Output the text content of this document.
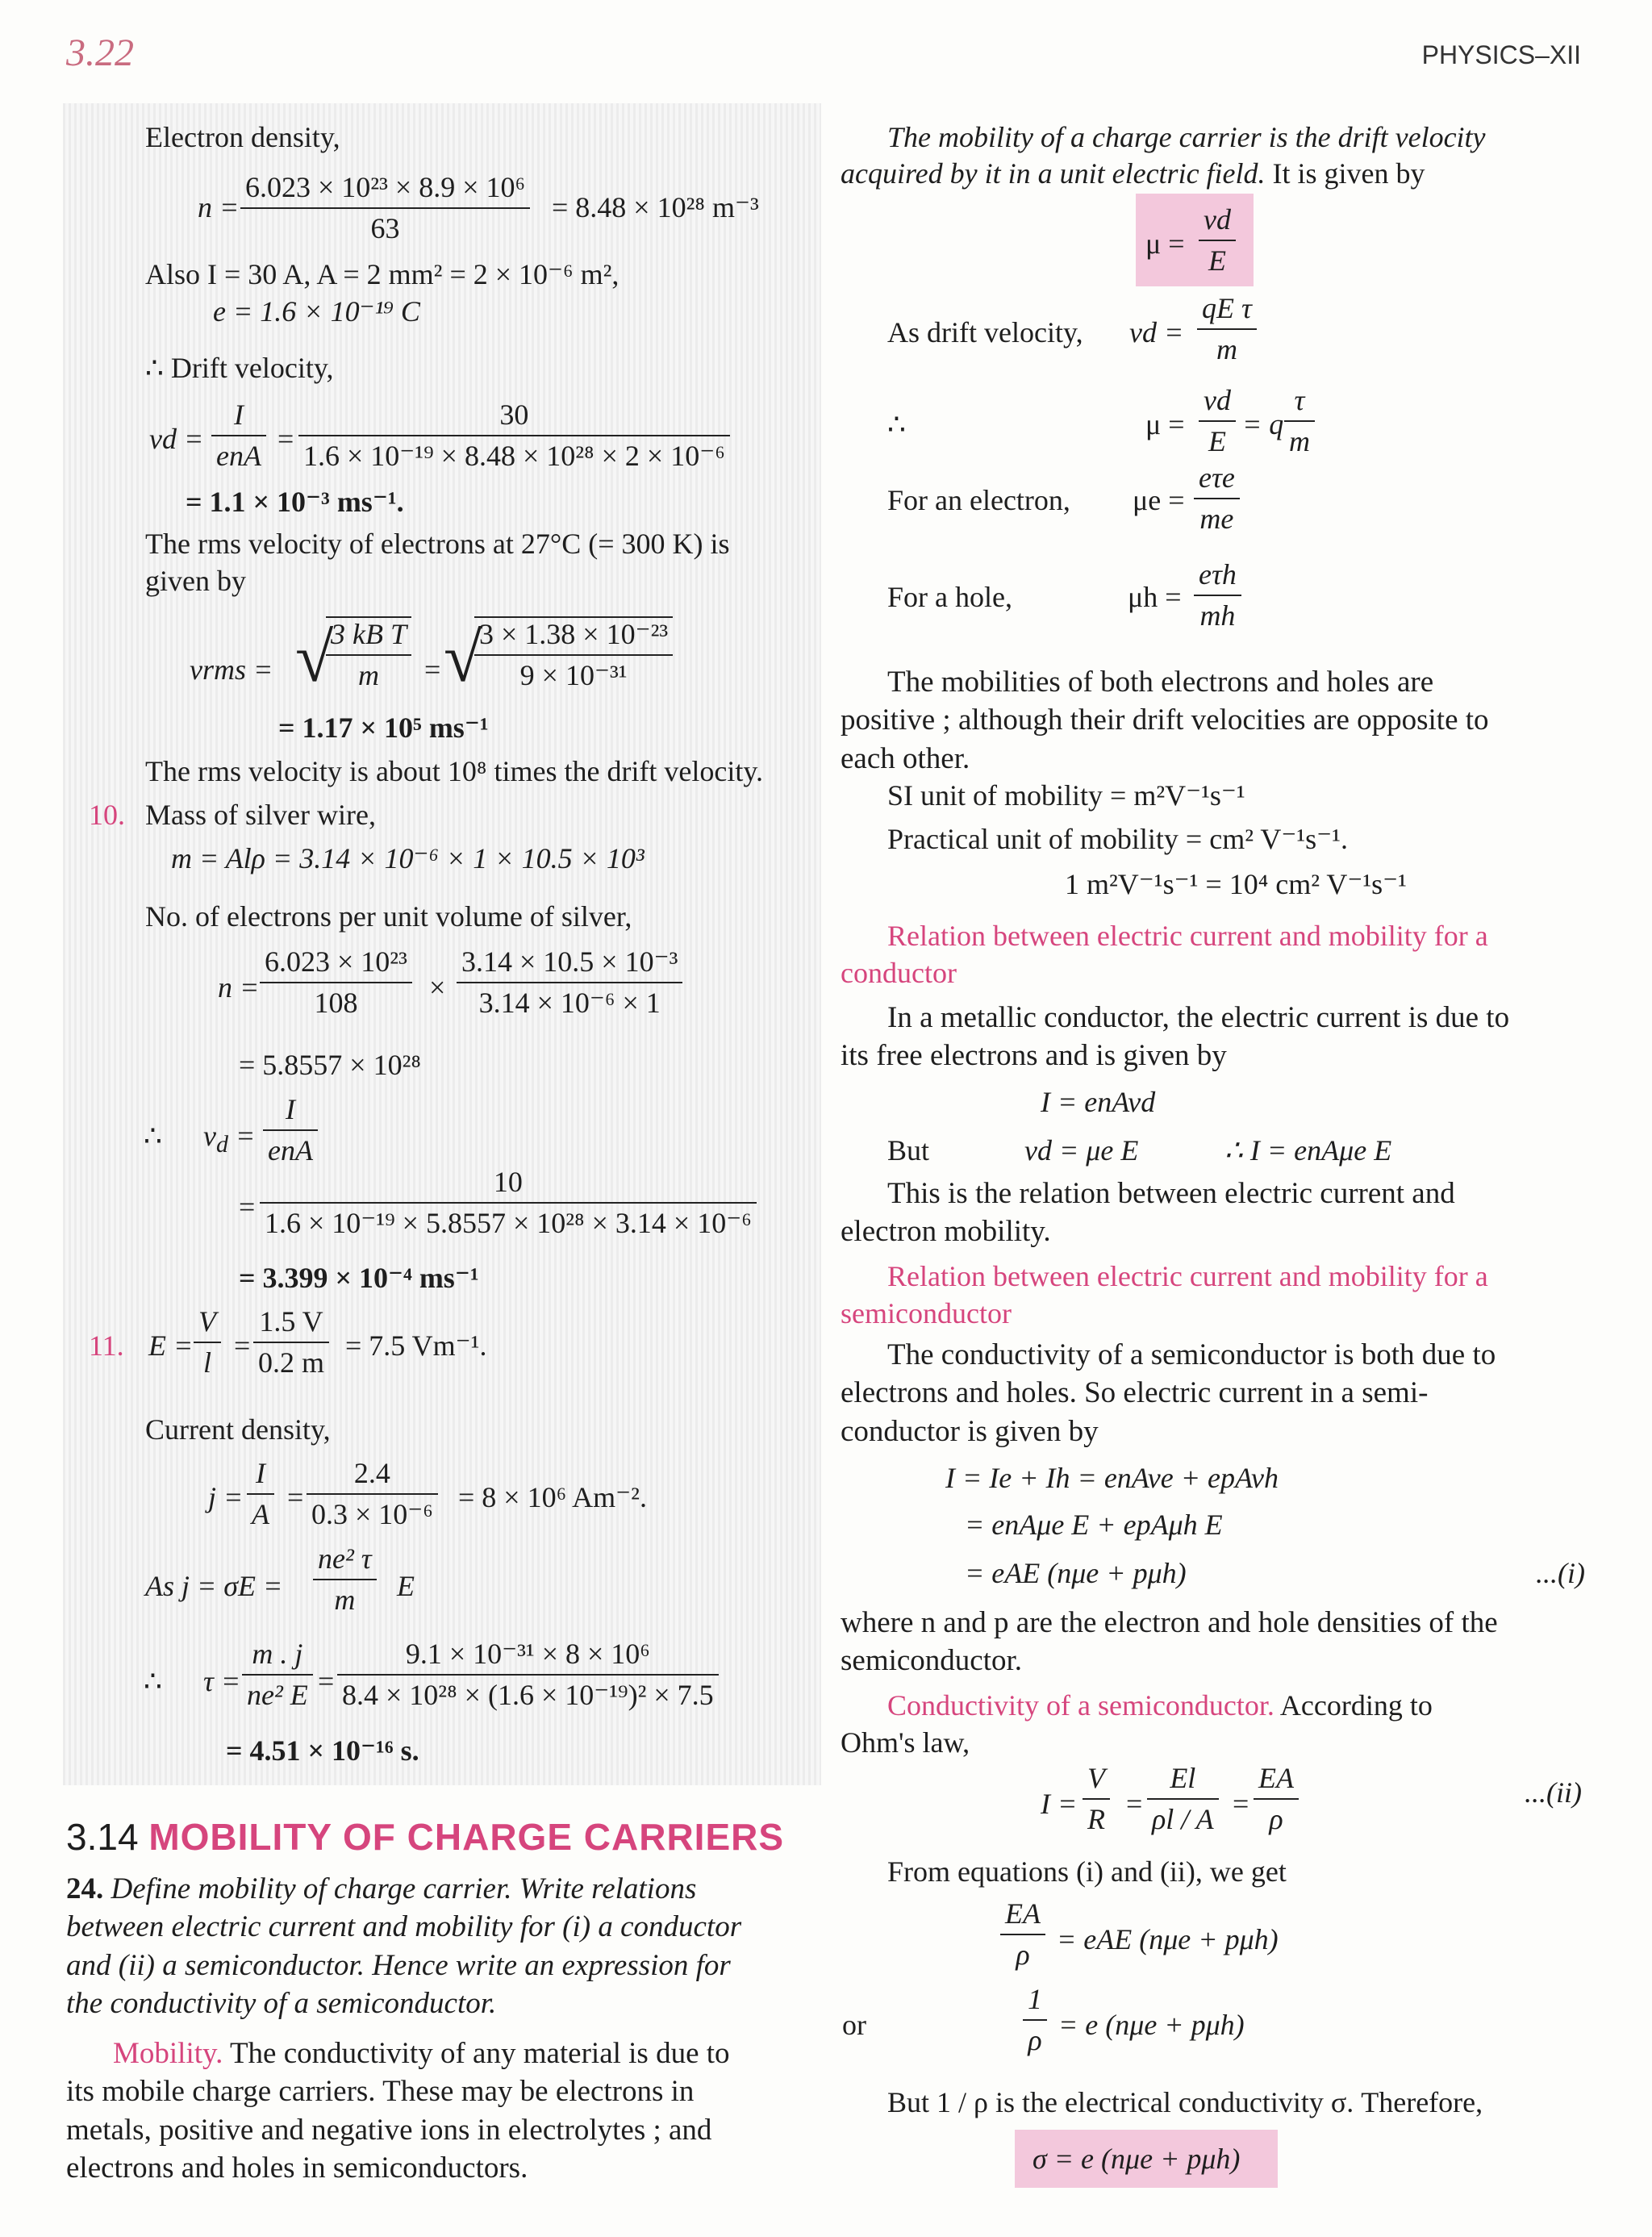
3.22	PHYSICS–XII
Electron density,
$n = \frac{\text{6.023 × 10²³ × 8.9 × 10⁶}}{63} = 8.48 \times 10^{28}$ m⁻³
Also I = 30 A, A = 2 mm² = 2 × 10⁻⁶ m²,
e = 1.6 × 10⁻¹⁹ C
∴ Drift velocity,
vd = $\frac{I}{\text{enA}} = \frac{30}{\text{1.6 × 10⁻¹⁹ × 8.48 × 10²⁸ × 2 × 10⁻⁶}}$
= 1.1 × 10⁻³ ms⁻¹.
The rms velocity of electrons at 27°C (= 300 K) is
given by
vrms = √
$\frac{\text{3 kB T}}{m}$ = √
$\frac{\text{3 × 1.38 × 10⁻²³}}{\text{9 × 10⁻³¹}}$
= 1.17 × 10⁵ ms⁻¹
The rms velocity is about 10⁸ times the drift velocity.
10. Mass of silver wire,
m = Alρ = 3.14 × 10⁻⁶ × 1 × 10.5 × 10³
No. of electrons per unit volume of silver,
$n = \frac{\text{6.023 × 10²³}}{108} \times \frac{\text{3.14 × 10.5 × 10⁻³}}{\text{3.14 × 10⁻⁶ × 1}}$
= 5.8557 × 10²⁸
∴ $v_d = \frac{I}{\text{enA}}$
= $\frac{10}{\text{1.6 × 10⁻¹⁹ × 5.8557 × 10²⁸ × 3.14 × 10⁻⁶}}$
= 3.399 × 10⁻⁴ ms⁻¹
11. $E = \frac{V}{l} = \frac{1.5 V}{0.2 m} = 7.5$ Vm⁻¹.
Current density,
$j = \frac{I}{A} = \frac{2.4}{\text{0.3 × 10⁻⁶}} = 8 \times 10^6$ Am⁻².
As $j = \sigma E = \frac{\text{ne² τ}}{m}$ E
∴ $\tau = \frac{m . j}{\text{ne² E}} = \frac{\text{9.1 × 10⁻³¹ × 8 × 10⁶}}{\text{8.4 × 10²⁸ × (1.6 × 10⁻¹⁹)² × 7.5}}$
= 4.51 × 10⁻¹⁶ s.
3.14 MOBILITY OF CHARGE CARRIERS
24. Define mobility of charge carrier. Write relations
between electric current and mobility for (i) a conductor
and (ii) a semiconductor. Hence write an expression for
the conductivity of a semiconductor.
Mobility. The conductivity of any material is due to
its mobile charge carriers. These may be electrons in
metals, positive and negative ions in electrolytes ; and
electrons and holes in semiconductors.
The mobility of a charge carrier is the drift velocity
acquired by it in a unit electric field. It is given by
$\mu = \frac{vd}{E}$
As drift velocity, vd = $\frac{\text{qE τ}}{m}$
∴	$\mu = \frac{vd}{E} = q \frac{\tau}{m}$
For an electron, $\mu e = \frac{\text{eτe}}{me}$
For a hole,	$\mu h = \frac{\text{eτh}}{mh}$
The mobilities of both electrons and holes are
positive ; although their drift velocities are opposite to
each other.
SI unit of mobility = m²V⁻¹s⁻¹
Practical unit of mobility = cm² V⁻¹s⁻¹.
1 m²V⁻¹s⁻¹ = 10⁴ cm² V⁻¹s⁻¹
Relation between electric current and mobility for a
conductor
In a metallic conductor, the electric current is due to
its free electrons and is given by
I = enAvd
But	vd = μe E	∴ I = enAμe E
This is the relation between electric current and
electron mobility.
Relation between electric current and mobility for a
semiconductor
The conductivity of a semiconductor is both due to
electrons and holes. So electric current in a semi-
conductor is given by
I = Ie + Ih = enAve + epAvh
= enAμe E + epAμh E
= eAE (nμe + pμh)	...(i)
where n and p are the electron and hole densities of the
semiconductor.
Conductivity of a semiconductor. According to
Ohm's law,
$I = \frac{V}{R} = \frac{El}{\rho l / A} = \frac{EA}{\rho}$	...(ii)
From equations (i) and (ii), we get
$\frac{EA}{\rho}$ = eAE (nμe + pμh)
or	$\frac{1}{\rho} = e$ (nμe + pμh)
But 1 / ρ is the electrical conductivity σ. Therefore,
σ = e (nμe + pμh)
